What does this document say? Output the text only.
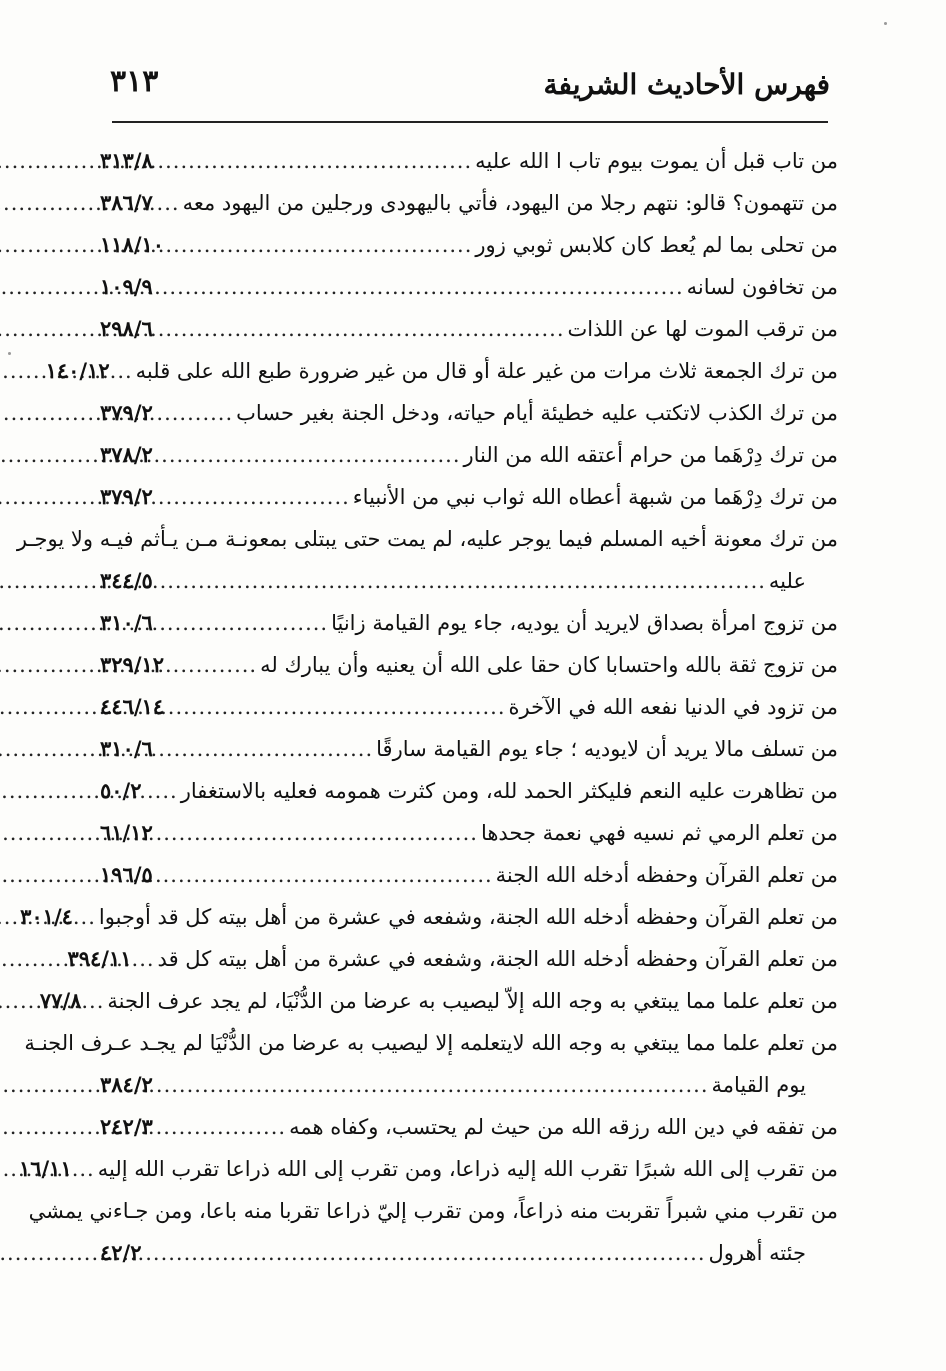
فهرس الأحاديث الشريفة
٣١٣
من تاب قبل أن يموت بيوم تاب ا الله عليه
.....
٣١٣/٨
من تتهمون؟ قالو: نتهم رجلا من اليهود، فأتي باليهودى ورجلين من اليهود معه
.....
٣٨٦/٧
من تحلى بما لم يُعط كان كلابس ثوبي زور
.....
١١٨/١٠
من تخافون لسانه
.....
١٠٩/٩
من ترقب الموت لها عن اللذات
.....
٢٩٨/٦
من ترك الجمعة ثلاث مرات من غير علة أو قال من غير ضرورة طبع الله على قلبه
.....
١٤٠/١٢
من ترك الكذب لاتكتب عليه خطيئة أيام حياته، ودخل الجنة بغير حساب
.....
٣٧٩/٢
من ترك دِرْهَما من حرام أعتقه الله من النار
.....
٣٧٨/٢
من ترك دِرْهَما من شبهة أعطاه الله ثواب نبي من الأنبياء
.....
٣٧٩/٢
من ترك معونة أخيه المسلم فيما يوجر عليه، لم يمت حتى يبتلى بمعونـة مـن يـأثم فيـه ولا يوجـر
عليه
.....
٣٤٤/٥
من تزوج امرأة بصداق لايريد أن يوديه، جاء يوم القيامة زانيًا
.....
٣١٠/٦
من تزوج ثقة بالله واحتسابا كان حقا على الله أن يعنيه وأن يبارك له
.....
٣٢٩/١٢
من تزود في الدنيا نفعه الله في الآخرة
.....
٤٤٦/١٤
من تسلف مالا يريد أن لايوديه ؛ جاء يوم القيامة سارقًا
.....
٣١٠/٦
من تظاهرت عليه النعم فليكثر الحمد لله، ومن كثرت همومه فعليه بالاستغفار
.....
٥٠/٢
من تعلم الرمي ثم نسيه فهي نعمة جحدها
.....
٦١/١٢
من تعلم القرآن وحفظه أدخله الله الجنة
.....
١٩٦/٥
من تعلم القرآن وحفظه أدخله الله الجنة، وشفعه في عشرة من أهل بيته كل قد أوجبوا
.....
٣٠١/٤
من تعلم القرآن وحفظه أدخله الله الجنة، وشفعه في عشرة من أهل بيته كل قد
.....
٣٩٤/١١
من تعلم علما مما يبتغي به وجه الله إلاّ ليصيب به عرضا من الدُّنْيَا، لم يجد عرف الجنة
.....
٧٧/٨
من تعلم علما مما يبتغي به وجه الله لايتعلمه إلا ليصيب به عرضا من الدُّنْيَا لم يجـد عـرف الجنـة
يوم القيامة
.....
٣٨٤/٢
من تفقه في دين الله رزقه الله من حيث لم يحتسب، وكفاه همه
.....
٢٤٢/٣
من تقرب إلى الله شبرًا تقرب الله إليه ذراعا، ومن تقرب إلى الله ذراعا تقرب الله إليه
.....
١٦/١١
من تقرب مني شبراً تقربت منه ذراعاً، ومن تقرب إليّ ذراعا تقربا منه باعا، ومن جـاءني يمشي
جئته أهرول
.....
٤٢/٢
